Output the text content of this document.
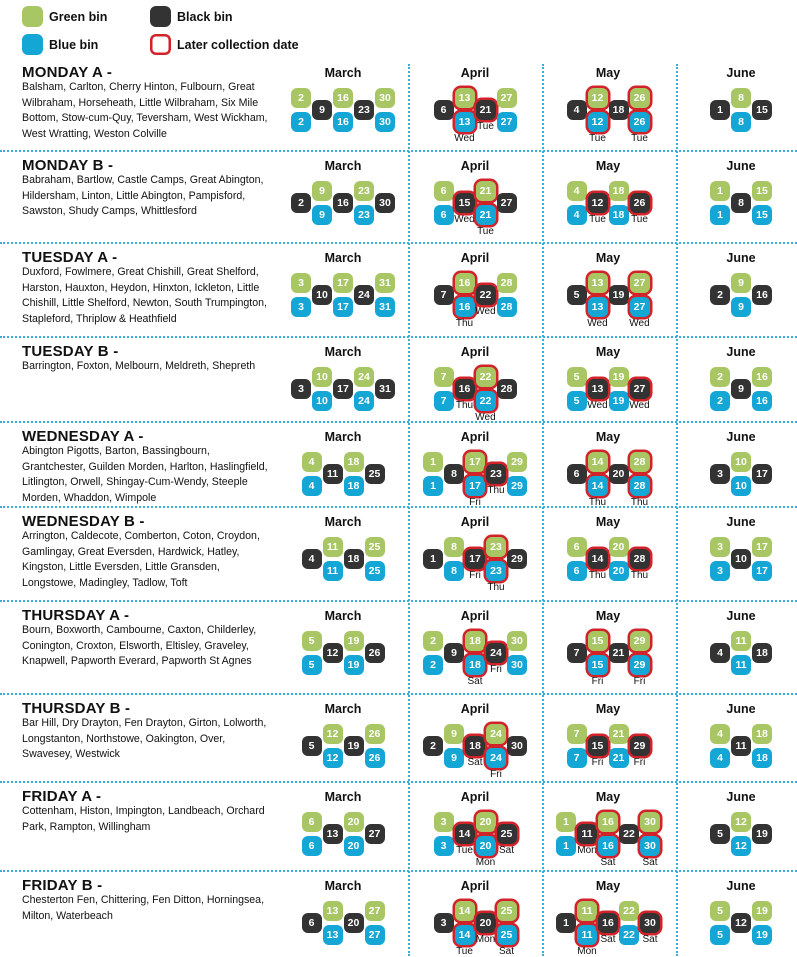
Green bin	Black bin
Blue bin	Later collection date
MONDAY A -
Balsham, Carlton, Cherry Hinton, Fulbourn, Great Wilbraham, Horseheath, Little Wilbraham, Six Mile Bottom, Stow-cum-Quy, Teversham, West Wickham, West Wratting, Weston Colville
March
2
2
9
16
16
23
30
30
April
6
13
13
Wed
21
Tue
27
27
May
4
12
12
Tue
18
26
26
Tue
June
1
8
8
15
MONDAY B -
Babraham, Bartlow, Castle Camps, Great Abington, Hildersham, Linton, Little Abington, Pampisford, Sawston, Shudy Camps, Whittlesford
March
2
9
9
16
23
23
30
April
6
6
15
Wed
21
21
Tue
27
May
4
4
12
Tue
18
18
26
Tue
June
1
1
8
15
15
TUESDAY A -
Duxford, Fowlmere, Great Chishill, Great Shelford, Harston, Hauxton, Heydon, Hinxton, Ickleton, Little Chishill, Little Shelford, Newton, South Trumpington, Stapleford, Thriplow & Heathfield
March
3
3
10
17
17
24
31
31
April
7
16
16
Thu
22
Wed
28
28
May
5
13
13
Wed
19
27
27
Wed
June
2
9
9
16
TUESDAY B -
Barrington, Foxton, Melbourn, Meldreth, Shepreth
March
3
10
10
17
24
24
31
April
7
7
16
Thu
22
22
Wed
28
May
5
5
13
Wed
19
19
27
Wed
June
2
2
9
16
16
WEDNESDAY A -
Abington Pigotts, Barton, Bassingbourn, Grantchester, Guilden Morden, Harlton, Haslingfield, Litlington, Orwell, Shingay-Cum-Wendy, Steeple Morden, Whaddon, Wimpole
March
4
4
11
18
18
25
April
1
1
8
17
17
Fri
23
Thu
29
29
May
6
14
14
Thu
20
28
28
Thu
June
3
10
10
17
WEDNESDAY B -
Arrington, Caldecote, Comberton, Coton, Croydon, Gamlingay, Great Eversden, Hardwick, Hatley, Kingston, Little Eversden, Little Gransden, Longstowe, Madingley, Tadlow, Toft
March
4
11
11
18
25
25
April
1
8
8
17
Fri
23
23
Thu
29
May
6
6
14
Thu
20
20
28
Thu
June
3
3
10
17
17
THURSDAY A -
Bourn, Boxworth, Cambourne, Caxton, Childerley, Conington, Croxton, Elsworth, Eltisley, Graveley, Knapwell, Papworth Everard, Papworth St Agnes
March
5
5
12
19
19
26
April
2
2
9
18
18
Sat
24
Fri
30
30
May
7
15
15
Fri
21
29
29
Fri
June
4
11
11
18
THURSDAY B -
Bar Hill, Dry Drayton, Fen Drayton, Girton, Lolworth, Longstanton, Northstowe, Oakington, Over, Swavesey, Westwick
March
5
12
12
19
26
26
April
2
9
9
18
Sat
24
24
Fri
30
May
7
7
15
Fri
21
21
29
Fri
June
4
4
11
18
18
FRIDAY A -
Cottenham, Histon, Impington, Landbeach, Orchard Park, Rampton, Willingham
March
6
6
13
20
20
27
April
3
3
14
Tue
20
20
Mon
25
Sat
May
1
1
11
Mon
16
16
Sat
22
30
30
Sat
June
5
12
12
19
FRIDAY B -
Chesterton Fen, Chittering, Fen Ditton, Horningsea, Milton, Waterbeach
March
6
13
13
20
27
27
April
3
14
14
Tue
20
Mon
25
25
Sat
May
1
11
11
Mon
16
Sat
22
22
30
Sat
June
5
5
12
19
19
